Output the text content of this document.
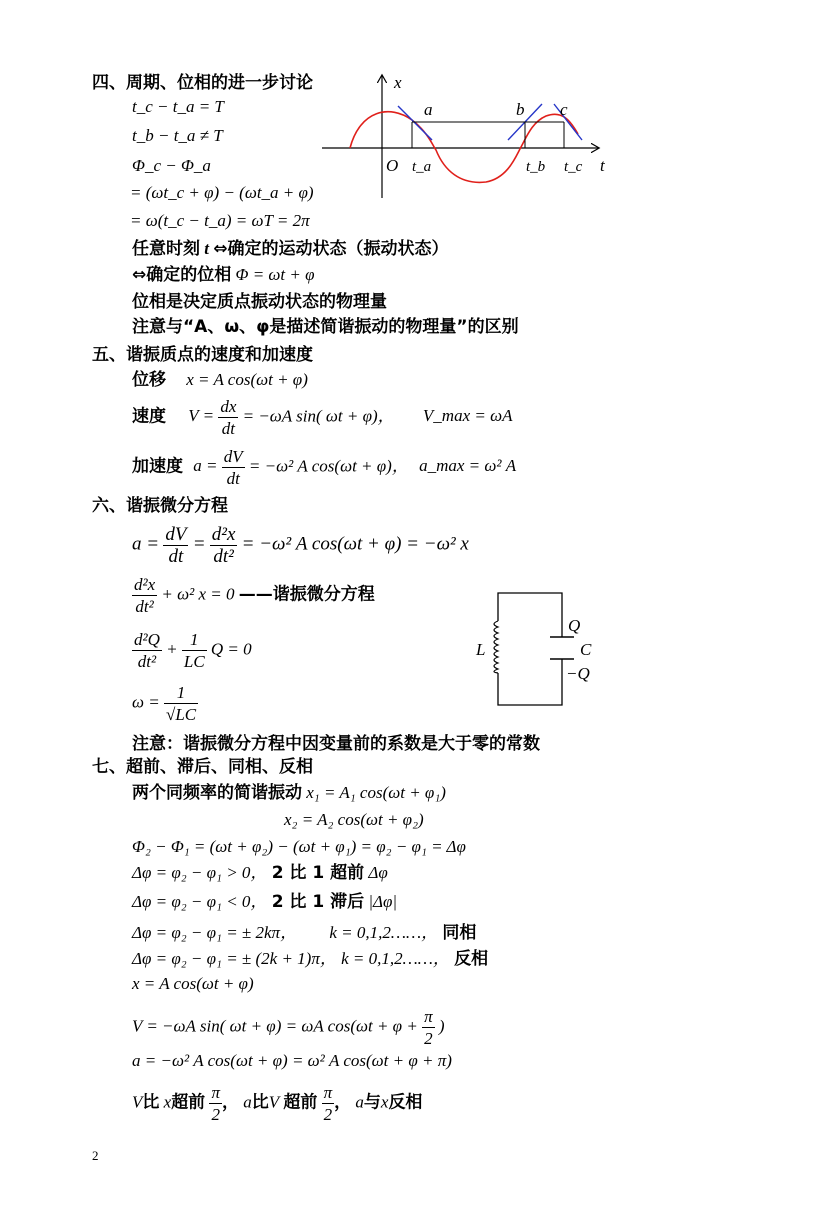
四、周期、位相的进一步讨论
t_c − t_a = T
t_b − t_a ≠ T
Φ_c − Φ_a
= (ωt_c + φ) − (ωt_a + φ)
= ω(t_c − t_a) = ωT = 2π
任意时刻 t ⇔确定的运动状态（振动状态）
⇔确定的位相 Φ = ωt + φ
位相是决定质点振动状态的物理量
注意与“A、ω、φ是描述简谐振动的物理量”的区别
x
t
O
a	b c
t_a	t_b t_c
五、谐振质点的速度和加速度
位移 x = A cos(ωt + φ)
速度 $V = \frac{dx}{dt} = -\omega A$ sin( ωt + φ)， V_max = ωA
加速度 $a = \frac{dV}{dt} = -\omega^2$ A cos(ωt + φ)， a_max = ω² A
六、谐振微分方程
$a = \frac{dV}{dt} = \frac{\text{d²x}}{\text{dt²}} = -\omega^2$ A cos(ωt + φ) = −ω² x
$\frac{\text{d²x}}{\text{dt²}} + \omega^2$ x = 0 ——谐振微分方程
$\frac{\text{d²Q}}{\text{dt²}} + \frac{1}{LC}$ Q = 0
$\omega = \frac{1}{√LC}$
注意：谐振微分方程中因变量前的系数是大于零的常数
L
Q
C
−Q
七、超前、滞后、同相、反相
两个同频率的简谐振动 x₁ = A₁ cos(ωt + φ₁)
x₂ = A₂ cos(ωt + φ₂)
Φ₂ − Φ₁ = (ωt + φ₂) − (ωt + φ₁) = φ₂ − φ₁ = Δφ
Δφ = φ₂ − φ₁ > 0， 2 比 1 超前 Δφ
Δφ = φ₂ − φ₁ < 0， 2 比 1 滞后 |Δφ|
Δφ = φ₂ − φ₁ = ± 2kπ， k = 0,1,2……， 同相
Δφ = φ₂ − φ₁ = ± (2k + 1)π， k = 0,1,2……， 反相
x = A cos(ωt + φ)
V = −ωA sin( ωt + φ) = ωA $\cos(\omega t + \varphi + \frac{\pi}{2}$ )
a = −ω² A cos(ωt + φ) = ω² A cos(ωt + φ + π)
V比 x超前 $\frac{\pi}{2}$ ， a比V 超前 $\frac{\pi}{2}$ ， a与x反相
2
